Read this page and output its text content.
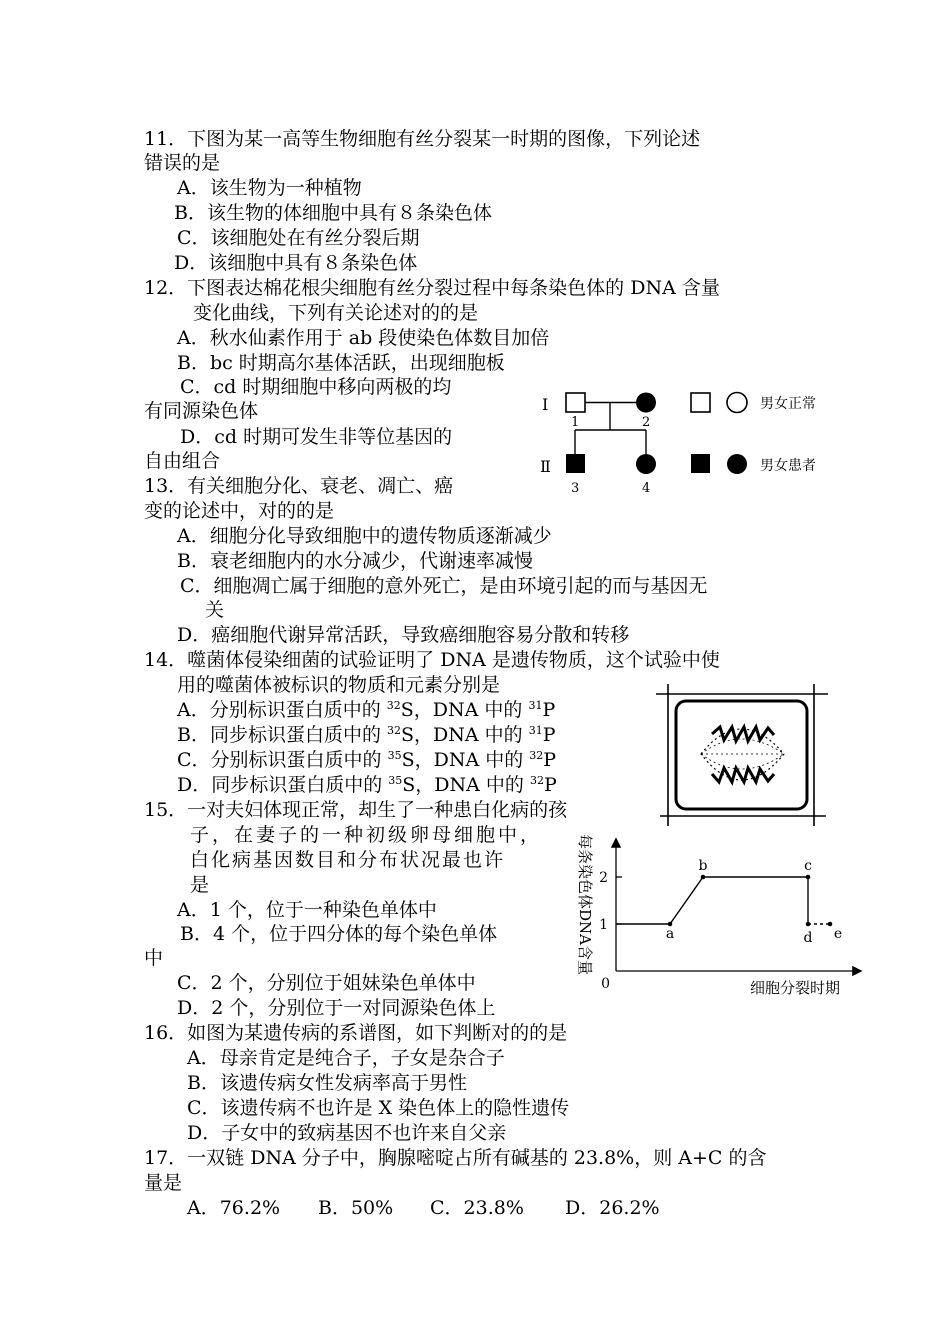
11．下图为某一高等生物细胞有丝分裂某一时期的图像，下列论述
错误的是
A．该生物为一种植物
B．该生物的体细胞中具有８条染色体
C．该细胞处在有丝分裂后期
D．该细胞中具有８条染色体
12．下图表达棉花根尖细胞有丝分裂过程中每条染色体的 DNA 含量
变化曲线，下列有关论述对的的是
A．秋水仙素作用于 ab 段使染色体数目加倍
B．bc 时期高尔基体活跃，出现细胞板
C．cd 时期细胞中移向两极的均
有同源染色体
D．cd 时期可发生非等位基因的
自由组合
13．有关细胞分化、衰老、凋亡、癌
变的论述中，对的的是
A．细胞分化导致细胞中的遗传物质逐渐减少
B．衰老细胞内的水分减少，代谢速率减慢
C．细胞凋亡属于细胞的意外死亡，是由环境引起的而与基因无
关
D．癌细胞代谢异常活跃，导致癌细胞容易分散和转移
14．噬菌体侵染细菌的试验证明了 DNA 是遗传物质，这个试验中使
用的噬菌体被标识的物质和元素分别是
A．分别标识蛋白质中的 $^{32}$S，DNA 中的 $^{31}$P
B．同步标识蛋白质中的 $^{32}$S，DNA 中的 $^{31}$P
C．分别标识蛋白质中的 $^{35}$S，DNA 中的 $^{32}$P
D．同步标识蛋白质中的 $^{35}$S，DNA 中的 $^{32}$P
15．一对夫妇体现正常，却生了一种患白化病的孩
子，在妻子的一种初级卵母细胞中，
白化病基因数目和分布状况最也许
是
A．1 个，位于一种染色单体中
B．4 个，位于四分体的每个染色单体
中
C．2 个，分别位于姐妹染色单体中
D．2 个，分别位于一对同源染色体上
16．如图为某遗传病的系谱图，如下判断对的的是
A．母亲肯定是纯合子，子女是杂合子
B．该遗传病女性发病率高于男性
C．该遗传病不也许是 X 染色体上的隐性遗传
D．子女中的致病基因不也许来自父亲
17．一双链 DNA 分子中，胸腺嘧啶占所有碱基的 23.8%，则 A+C 的含
量是
A．76.2% B．50% C．23.8% D．26.2%
Ⅰ
Ⅱ
1	2
3	4
男女正常
男女患者
每条染色体DNA含量
0	细胞分裂时期
1
2
a
b	c
d e
